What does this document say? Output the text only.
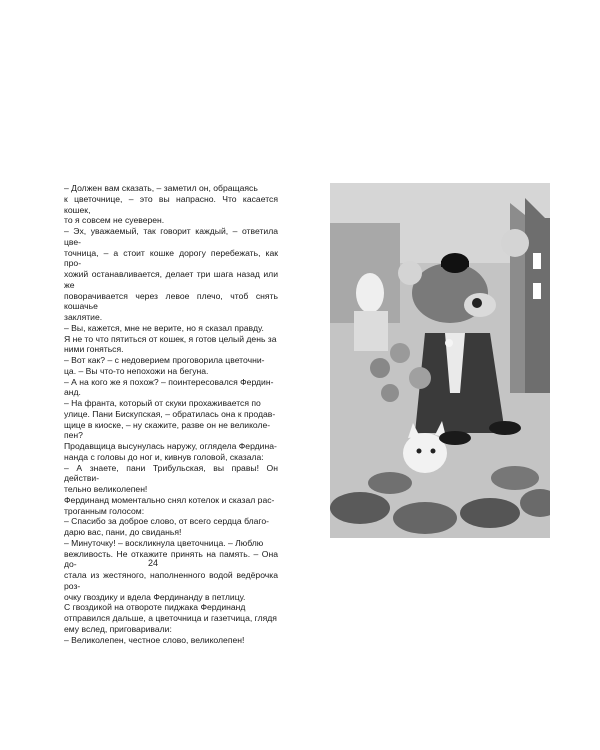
– Должен вам сказать, – заметил он, обращаясь
к цветочнице, – это вы напрасно. Что касается кошек,
то я совсем не суеверен.

– Эх, уважаемый, так говорит каждый, – ответила цве-
точница, – а стоит кошке дорогу перебежать, как про-
хожий останавливается, делает три шага назад или же
поворачивается через левое плечо, чтоб снять кошачье
заклятие.

– Вы, кажется, мне не верите, но я сказал правду.
Я не то что пятиться от кошек, я готов целый день за
ними гоняться.

– Вот как? – с недоверием проговорила цветочни-
ца. – Вы что-то непохожи на бегуна.

– А на кого же я похож? – поинтересовался Фердин-
анд.

– На франта, который от скуки прохаживается по
улице. Пани Бискупская, – обратилась она к продав-
щице в киоске, – ну скажите, разве он не великоле-
пен?

Продавщица высунулась наружу, оглядела Фердина-
нанда с головы до ног и, кивнув головой, сказала:

– А знаете, пани Трибульская, вы правы! Он действи-
тельно великолепен!

Фердинанд моментально снял котелок и сказал рас-
троганным голосом:

– Спасибо за доброе слово, от всего сердца благо-
дарю вас, пани, до свиданья!

– Минуточку! – воскликнула цветочница. – Люблю
вежливость. Не откажите принять на память. – Она до-
стала из жестяного, наполненного водой ведёрочка роз-
очку гвоздику и вдела Фердинанду в петлицу.

С гвоздикой на отвороте пиджака Фердинанд
отправился дальше, а цветочница и газетчица, глядя
ему вслед, приговаривали:

– Великолепен, честное слово, великолепен!

24
